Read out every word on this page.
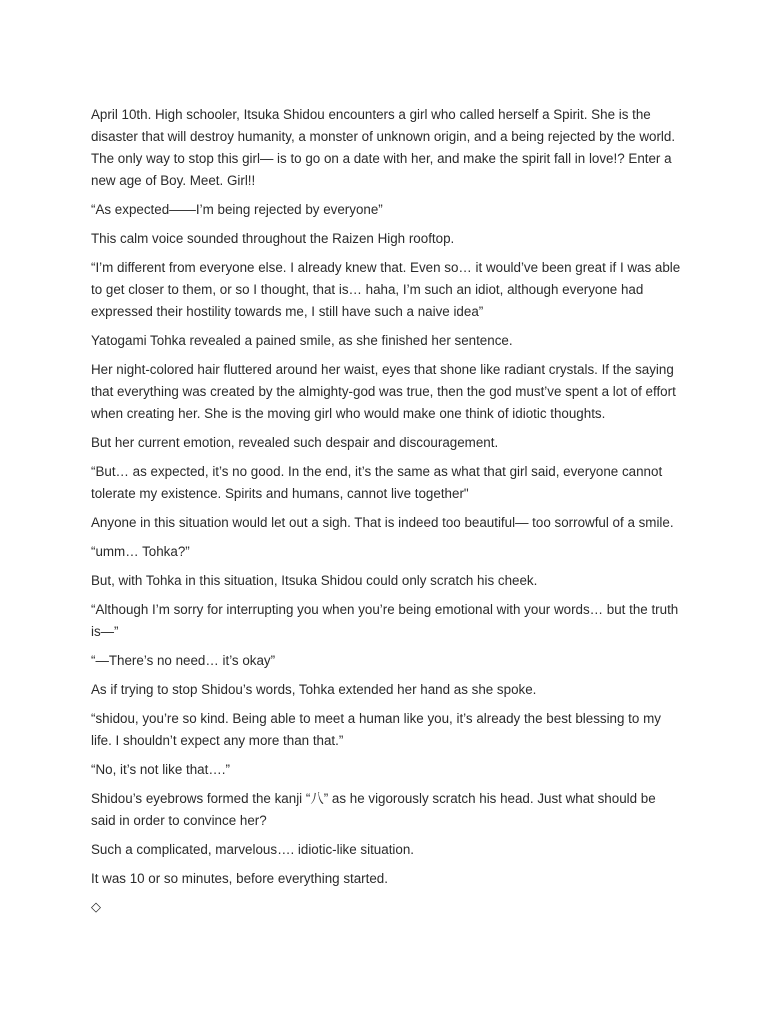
April 10th. High schooler, Itsuka Shidou encounters a girl who called herself a Spirit. She is the disaster that will destroy humanity, a monster of unknown origin, and a being rejected by the world. The only way to stop this girl— is to go on a date with her, and make the spirit fall in love!? Enter a new age of Boy. Meet. Girl!!

“As expected——I’m being rejected by everyone”

This calm voice sounded throughout the Raizen High rooftop.

“I’m different from everyone else. I already knew that. Even so… it would’ve been great if I was able to get closer to them, or so I thought, that is… haha, I’m such an idiot, although everyone had expressed their hostility towards me, I still have such a naive idea”

Yatogami Tohka revealed a pained smile, as she finished her sentence.

Her night-colored hair fluttered around her waist, eyes that shone like radiant crystals. If the saying that everything was created by the almighty-god was true, then the god must’ve spent a lot of effort when creating her. She is the moving girl who would make one think of idiotic thoughts.

But her current emotion, revealed such despair and discouragement.

“But… as expected, it’s no good. In the end, it’s the same as what that girl said, everyone cannot tolerate my existence. Spirits and humans, cannot live together"

Anyone in this situation would let out a sigh. That is indeed too beautiful— too sorrowful of a smile.

“umm… Tohka?”

But, with Tohka in this situation, Itsuka Shidou could only scratch his cheek.

“Although I’m sorry for interrupting you when you’re being emotional with your words… but the truth is—”

“—There’s no need… it’s okay”

As if trying to stop Shidou’s words, Tohka extended her hand as she spoke.

“shidou, you’re so kind. Being able to meet a human like you, it’s already the best blessing to my life. I shouldn’t expect any more than that.”

“No, it’s not like that….”

Shidou’s eyebrows formed the kanji “八” as he vigorously scratch his head. Just what should be said in order to convince her?

Such a complicated, marvelous…. idiotic-like situation.

It was 10 or so minutes, before everything started.

◇
